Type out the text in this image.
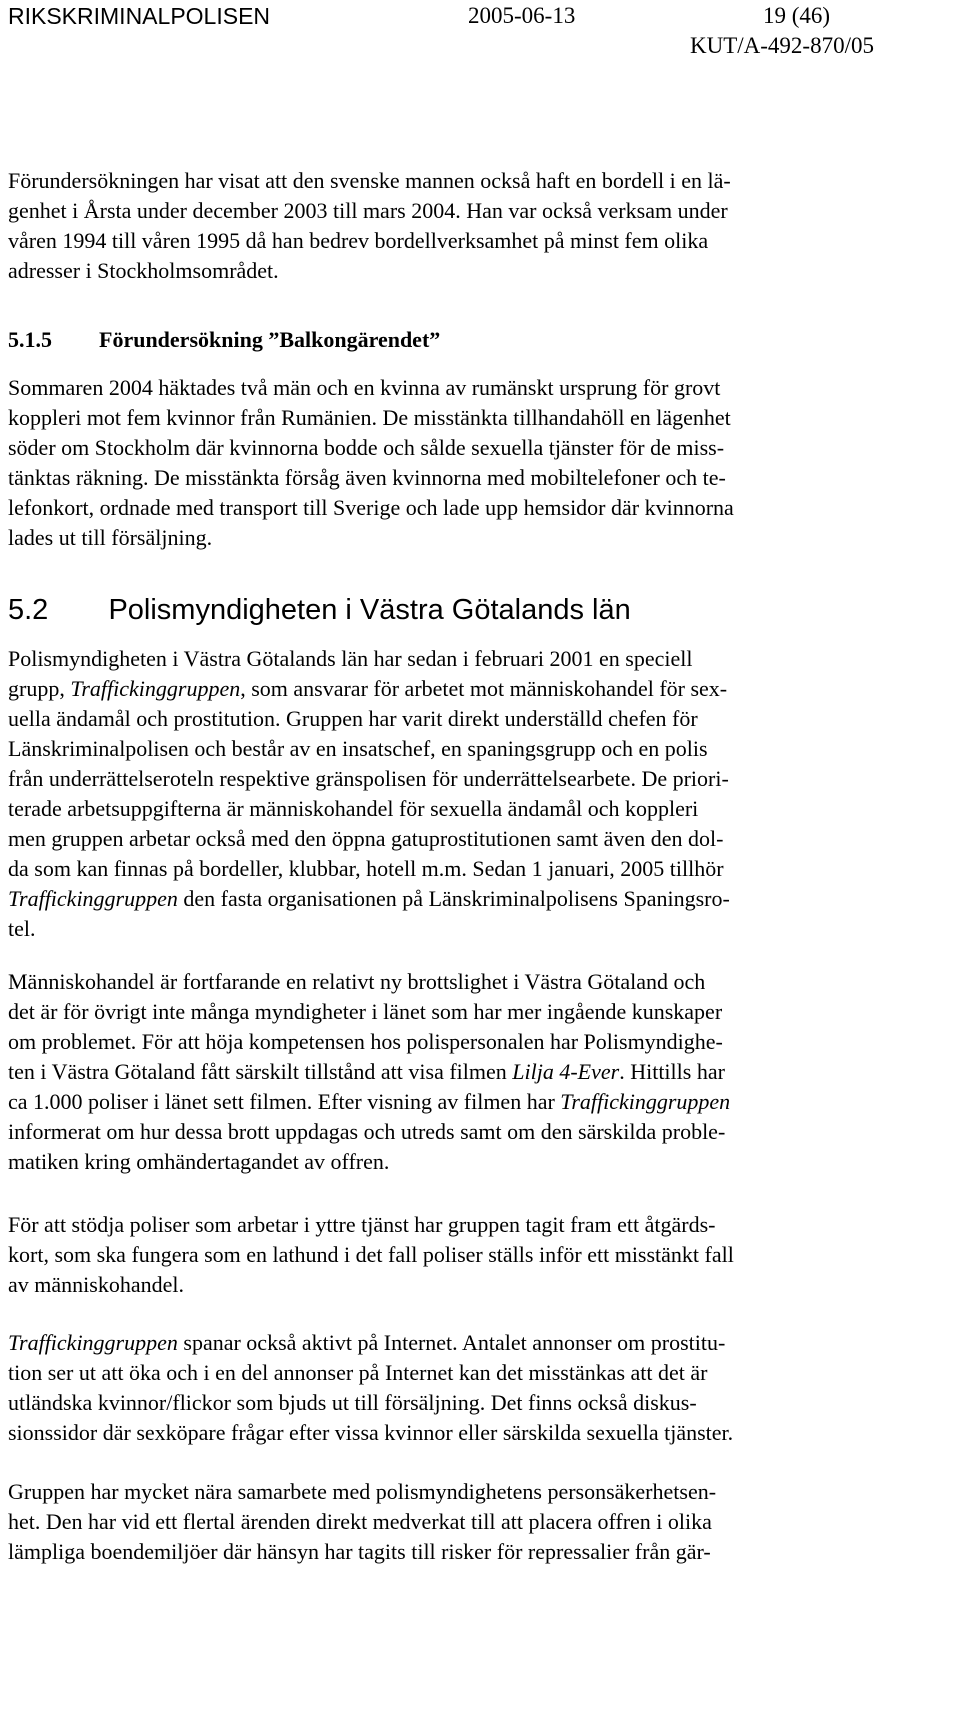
RIKSKRIMINALPOLISEN	2005-06-13	19 (46)
KUT/A-492-870/05

Förundersökningen har visat att den svenske mannen också haft en bordell i en lä-
genhet i Årsta under december 2003 till mars 2004. Han var också verksam under
våren 1994 till våren 1995 då han bedrev bordellverksamhet på minst fem olika
adresser i Stockholmsområdet.

5.1.5 Förundersökning ”Balkongärendet”

Sommaren 2004 häktades två män och en kvinna av rumänskt ursprung för grovt
koppleri mot fem kvinnor från Rumänien. De misstänkta tillhandahöll en lägenhet
söder om Stockholm där kvinnorna bodde och sålde sexuella tjänster för de miss-
tänktas räkning. De misstänkta försåg även kvinnorna med mobiltelefoner och te-
lefonkort, ordnade med transport till Sverige och lade upp hemsidor där kvinnorna
lades ut till försäljning.

5.2 Polismyndigheten i Västra Götalands län

Polismyndigheten i Västra Götalands län har sedan i februari 2001 en speciell
grupp, Traffickinggruppen, som ansvarar för arbetet mot människohandel för sex-
uella ändamål och prostitution. Gruppen har varit direkt underställd chefen för
Länskriminalpolisen och består av en insatschef, en spaningsgrupp och en polis
från underrättelseroteln respektive gränspolisen för underrättelsearbete. De priori-
terade arbetsuppgifterna är människohandel för sexuella ändamål och koppleri
men gruppen arbetar också med den öppna gatuprostitutionen samt även den dol-
da som kan finnas på bordeller, klubbar, hotell m.m. Sedan 1 januari, 2005 tillhör
Traffickinggruppen den fasta organisationen på Länskriminalpolisens Spaningsro-
tel.

Människohandel är fortfarande en relativt ny brottslighet i Västra Götaland och
det är för övrigt inte många myndigheter i länet som har mer ingående kunskaper
om problemet. För att höja kompetensen hos polispersonalen har Polismyndighe-
ten i Västra Götaland fått särskilt tillstånd att visa filmen Lilja 4-Ever. Hittills har
ca 1.000 poliser i länet sett filmen. Efter visning av filmen har Traffickinggruppen
informerat om hur dessa brott uppdagas och utreds samt om den särskilda proble-
matiken kring omhändertagandet av offren.

För att stödja poliser som arbetar i yttre tjänst har gruppen tagit fram ett åtgärds-
kort, som ska fungera som en lathund i det fall poliser ställs inför ett misstänkt fall
av människohandel.

Traffickinggruppen spanar också aktivt på Internet. Antalet annonser om prostitu-
tion ser ut att öka och i en del annonser på Internet kan det misstänkas att det är
utländska kvinnor/flickor som bjuds ut till försäljning. Det finns också diskus-
sionssidor där sexköpare frågar efter vissa kvinnor eller särskilda sexuella tjänster.

Gruppen har mycket nära samarbete med polismyndighetens personsäkerhetsen-
het. Den har vid ett flertal ärenden direkt medverkat till att placera offren i olika
lämpliga boendemiljöer där hänsyn har tagits till risker för repressalier från gär-
